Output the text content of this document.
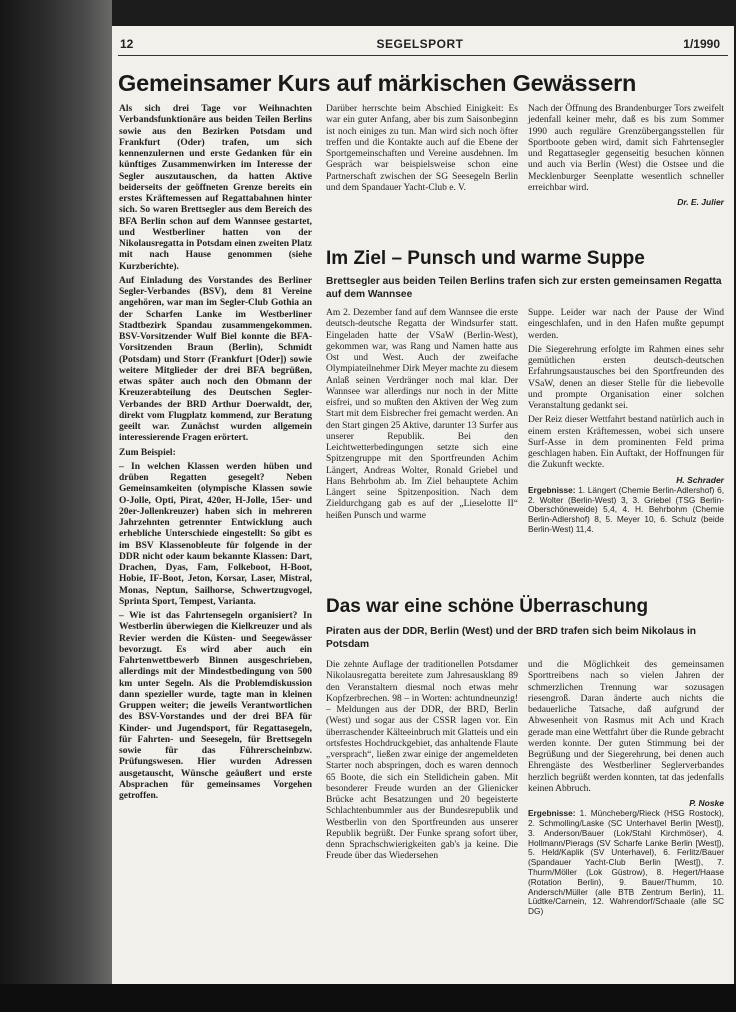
12	SEGELSPORT	1/1990
Gemeinsamer Kurs auf märkischen Gewässern

Als sich drei Tage vor Weihnachten Verbandsfunktionäre aus beiden Teilen Berlins sowie aus den Bezirken Potsdam und Frankfurt (Oder) trafen, um sich kennenzulernen und erste Gedanken für ein künftiges Zusammenwirken im Interesse der Segler auszutauschen, da hatten Aktive beiderseits der geöffneten Grenze bereits ein erstes Kräftemessen auf Regattabahnen hinter sich. So waren Brettsegler aus dem Bereich des BFA Berlin schon auf dem Wannsee gestartet, und Westberliner hatten von der Nikolausregatta in Potsdam einen zweiten Platz mit nach Hause genommen (siehe Kurzberichte).

Auf Einladung des Vorstandes des Berliner Segler-Verbandes (BSV), dem 81 Vereine angehören, war man im Segler-Club Gothia an der Scharfen Lanke im Westberliner Stadtbezirk Spandau zusammengekommen. BSV-Vorsitzender Wulf Biel konnte die BFA-Vorsitzenden Braun (Berlin), Schmidt (Potsdam) und Storr (Frankfurt [Oder]) sowie weitere Mitglieder der drei BFA begrüßen, etwas später auch noch den Obmann der Kreuzerabteilung des Deutschen Segler-Verbandes der BRD Arthur Doerwaldt, der, direkt vom Flugplatz kommend, zur Beratung geeilt war. Zunächst wurden allgemein interessierende Fragen erörtert.

Zum Beispiel:

– In welchen Klassen werden hüben und drüben Regatten gesegelt? Neben Gemeinsamkeiten (olympische Klassen sowie O-Jolle, Opti, Pirat, 420er, H-Jolle, 15er- und 20er-Jollenkreuzer) haben sich in mehreren Jahrzehnten getrennter Entwicklung auch erhebliche Unterschiede eingestellt: So gibt es im BSV Klassenobleute für folgende in der DDR nicht oder kaum bekannte Klassen: Dart, Drachen, Dyas, Fam, Folkeboot, H-Boot, Hobie, IF-Boot, Jeton, Korsar, Laser, Mistral, Monas, Neptun, Sailhorse, Schwertzugvogel, Sprinta Sport, Tempest, Varianta.

– Wie ist das Fahrtensegeln organisiert? In Westberlin überwiegen die Kielkreuzer und als Revier werden die Küsten- und Seegewässer bevorzugt. Es wird aber auch ein Fahrtenwettbewerb Binnen ausgeschrieben, allerdings mit der Mindestbedingung von 500 km unter Segeln. Als die Problemdiskussion dann spezieller wurde, tagte man in kleinen Gruppen weiter; die jeweils Verantwortlichen des BSV-Vorstandes und der drei BFA für Kinder- und Jugendsport, für Regattasegeln, für Fahrten- und Seesegeln, für Brettsegeln sowie für das Führerscheinbzw. Prüfungswesen. Hier wurden Adressen ausgetauscht, Wünsche geäußert und erste Absprachen für gemeinsames Vorgehen getroffen.

Darüber herrschte beim Abschied Einigkeit: Es war ein guter Anfang, aber bis zum Saisonbeginn ist noch einiges zu tun. Man wird sich noch öfter treffen und die Kontakte auch auf die Ebene der Sportgemeinschaften und Vereine ausdehnen. Im Gespräch war beispielsweise schon eine Partnerschaft zwischen der SG Seesegeln Berlin und dem Spandauer Yacht-Club e. V.

Nach der Öffnung des Brandenburger Tors zweifelt jedenfall keiner mehr, daß es bis zum Sommer 1990 auch reguläre Grenzübergangsstellen für Sportboote geben wird, damit sich Fahrtensegler und Regattasegler gegenseitig besuchen können und auch via Berlin (West) die Ostsee und die Mecklenburger Seenplatte wesentlich schneller erreichbar wird.

Dr. E. Julier
Im Ziel – Punsch und warme Suppe
Brettsegler aus beiden Teilen Berlins trafen sich zur ersten gemeinsamen Regatta auf dem Wannsee

Am 2. Dezember fand auf dem Wannsee die erste deutsch-deutsche Regatta der Windsurfer statt. Eingeladen hatte der VSaW (Berlin-West), gekommen war, was Rang und Namen hatte aus Ost und West. Auch der zweifache Olympiateilnehmer Dirk Meyer machte zu diesem Anlaß seinen Verdränger noch mal klar. Der Wannsee war allerdings nur noch in der Mitte eisfrei, und so mußten den Aktiven der Weg zum Start mit dem Eisbrecher frei gemacht werden. An den Start gingen 25 Aktive, darunter 13 Surfer aus unserer Republik. Bei den Leichtwetterbedingungen setzte sich eine Spitzengruppe mit den Sportfreunden Achim Längert, Andreas Wolter, Ronald Griebel und Hans Behrbohm ab. Im Ziel behauptete Achim Längert seine Spitzenposition. Nach dem Zieldurchgang gab es auf der „Lieselotte II“ heißen Punsch und warme

Suppe. Leider war nach der Pause der Wind eingeschlafen, und in den Hafen mußte gepumpt werden.

Die Siegerehrung erfolgte im Rahmen eines sehr gemütlichen ersten deutsch-deutschen Erfahrungsaustausches bei den Sportfreunden des VSaW, denen an dieser Stelle für die liebevolle und prompte Organisation einer solchen Veranstaltung gedankt sei.

Der Reiz dieser Wettfahrt bestand natürlich auch in einem ersten Kräftemessen, wobei sich unsere Surf-Asse in dem prominenten Feld prima geschlagen haben. Ein Auftakt, der Hoffnungen für die Zukunft weckte.

H. Schrader
Ergebnisse: 1. Längert (Chemie Berlin-Adlershof) 6, 2. Wolter (Berlin-West) 3, 3. Griebel (TSG Berlin-Oberschöneweide) 5,4, 4. H. Behrbohm (Chemie Berlin-Adlershof) 8, 5. Meyer 10, 6. Schulz (beide Berlin-West) 11,4.
Das war eine schöne Überraschung
Piraten aus der DDR, Berlin (West) und der BRD trafen sich beim Nikolaus in Potsdam

Die zehnte Auflage der traditionellen Potsdamer Nikolausregatta bereitete zum Jahresausklang 89 den Veranstaltern diesmal noch etwas mehr Kopfzerbrechen. 98 – in Worten: achtundneunzig! – Meldungen aus der DDR, der BRD, Berlin (West) und sogar aus der CSSR lagen vor. Ein überraschender Kälteeinbruch mit Glatteis und ein ortsfestes Hochdruckgebiet, das anhaltende Flaute „versprach“, ließen zwar einige der angemeldeten Starter noch abspringen, doch es waren dennoch 65 Boote, die sich ein Stelldichein gaben. Mit besonderer Freude wurden an der Glienicker Brücke acht Besatzungen und 20 begeisterte Schlachtenbummler aus der Bundesrepublik und Westberlin von den Sportfreunden aus unserer Republik begrüßt. Der Funke sprang sofort über, denn Sprachschwierigkeiten gab's ja keine. Die Freude über das Wiedersehen

und die Möglichkeit des gemeinsamen Sporttreibens nach so vielen Jahren der schmerzlichen Trennung war sozusagen riesengroß. Daran änderte auch nichts die bedauerliche Tatsache, daß aufgrund der Abwesenheit von Rasmus mit Ach und Krach gerade man eine Wettfahrt über die Runde gebracht werden konnte. Der guten Stimmung bei der Begrüßung und der Siegerehrung, bei denen auch Ehrengäste des Westberliner Seglerverbandes herzlich begrüßt werden konnten, tat das jedenfalls keinen Abbruch.

P. Noske
Ergebnisse: 1. Müncheberg/Rieck (HSG Rostock), 2. Schmolling/Laske (SC Unterhavel Berlin [West]), 3. Anderson/Bauer (Lok/Stahl Kirchmöser), 4. Hollmann/Pierags (SV Scharfe Lanke Berlin [West]), 5. Held/Kaplik (SV Unterhavel), 6. Ferlitz/Bauer (Spandauer Yacht-Club Berlin [West]), 7. Thurm/Möller (Lok Güstrow), 8. Hegert/Haase (Rotation Berlin), 9. Bauer/Thumm, 10. Andersch/Müller (alle BTB Zentrum Berlin), 11. Lüdtke/Carnein, 12. Wahrendorf/Schaale (alle SC DG)
